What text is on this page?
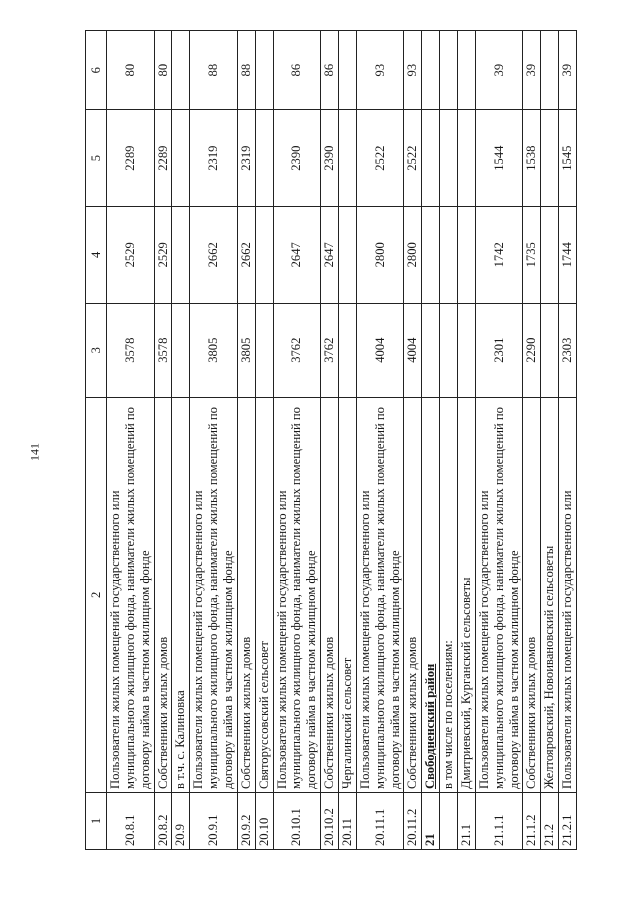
141
1	2	3	4	5	6
20.8.1	Пользователи жилых помещений государственного или муниципального жилищного фонда, наниматели жилых помещений по договору найма в частном жилищном фонде	3578	2529	2289	80
20.8.2	Собственники жилых домов	3578	2529	2289	80
20.9	в т.ч. с. Калиновка				
20.9.1	Пользователи жилых помещений государственного или муниципального жилищного фонда, наниматели жилых помещений по договору найма в частном жилищном фонде	3805	2662	2319	88
20.9.2	Собственники жилых домов	3805	2662	2319	88
20.10	Святоруссовский сельсовет				
20.10.1	Пользователи жилых помещений государственного или муниципального жилищного фонда, наниматели жилых помещений по договору найма в частном жилищном фонде	3762	2647	2390	86
20.10.2	Собственники жилых домов	3762	2647	2390	86
20.11	Чергалинский сельсовет				
20.11.1	Пользователи жилых помещений государственного или муниципального жилищного фонда, наниматели жилых помещений по договору найма в частном жилищном фонде	4004	2800	2522	93
20.11.2	Собственники жилых домов	4004	2800	2522	93
21	Свободненский район				
	в том числе по поселениям:				
21.1	Дмитриевский, Курганский сельсоветы				
21.1.1	Пользователи жилых помещений государственного или муниципального жилищного фонда, наниматели жилых помещений по договору найма в частном жилищном фонде	2301	1742	1544	39
21.1.2	Собственники жилых домов	2290	1735	1538	39
21.2	Желтояровский, Новоивановский сельсоветы				
21.2.1	Пользователи жилых помещений государственного или	2303	1744	1545	39
